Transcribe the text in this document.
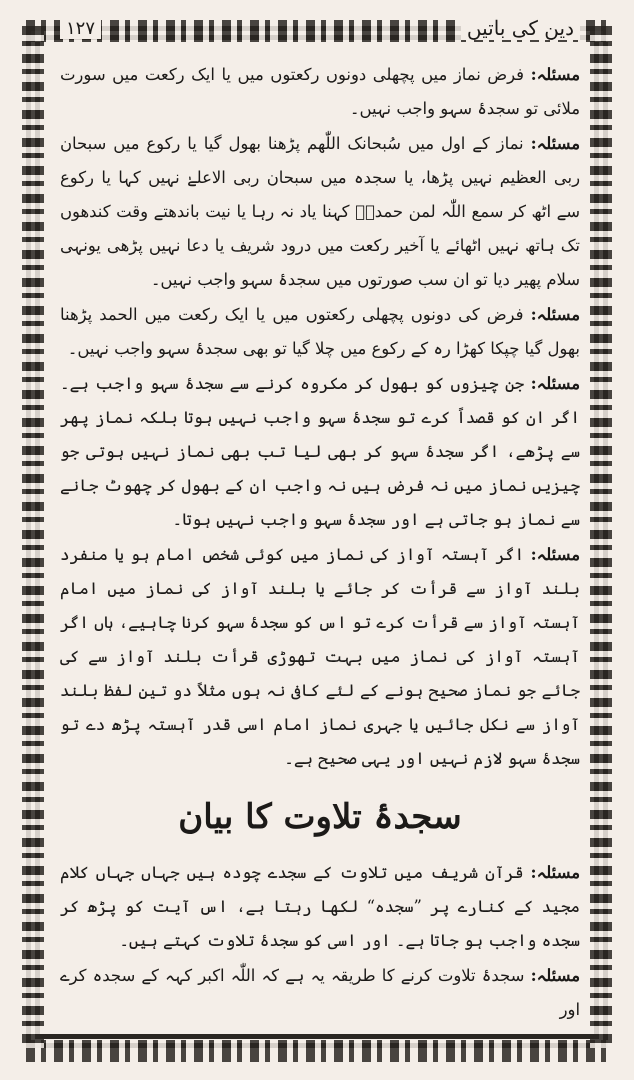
دین کی باتیں
۱۲۷

مسئلہ: فرض نماز میں پچھلی دونوں رکعتوں میں یا ایک رکعت میں سورت ملائی تو سجدۂ سہو واجب نہیں۔

مسئلہ: نماز کے اول میں سُبحانک اللّٰھم پڑھنا بھول گیا یا رکوع میں سبحان ربی العظیم نہیں پڑھا، یا سجدہ میں سبحان ربی الاعلےٰ نہیں کہا یا رکوع سے اٹھ کر سمع اللّٰہ لمن حمدہٗ کہنا یاد نہ رہا یا نیت باندھتے وقت کندھوں تک ہاتھ نہیں اٹھائے یا آخیر رکعت میں درود شریف یا دعا نہیں پڑھی یونہی سلام پھیر دیا تو ان سب صورتوں میں سجدۂ سہو واجب نہیں۔

مسئلہ: فرض کی دونوں پچھلی رکعتوں میں یا ایک رکعت میں الحمد پڑھنا بھول گیا چپکا کھڑا رہ کے رکوع میں چلا گیا تو بھی سجدۂ سہو واجب نہیں۔

مسئلہ: جن چیزوں کو بھول کر مکروہ کرنے سے سجدۂ سہو واجب ہے۔ اگر ان کو قصداً کرے تو سجدۂ سہو واجب نہیں ہوتا بلکہ نماز پھر سے پڑھے، اگر سجدۂ سہو کر بھی لیا تب بھی نماز نہیں ہوتی جو چیزیں نماز میں نہ فرض ہیں نہ واجب ان کے بھول کر چھوٹ جانے سے نماز ہو جاتی ہے اور سجدۂ سہو واجب نہیں ہوتا۔

مسئلہ: اگر آہستہ آواز کی نماز میں کوئی شخص امام ہو یا منفرد بلند آواز سے قرأت کر جائے یا بلند آواز کی نماز میں امام آہستہ آواز سے قرأت کرے تو اس کو سجدۂ سہو کرنا چاہیے، ہاں اگر آہستہ آواز کی نماز میں بہت تھوڑی قرأت بلند آواز سے کی جائے جو نماز صحیح ہونے کے لئے کافی نہ ہوں مثلاً دو تین لفظ بلند آواز سے نکل جائیں یا جہری نماز امام اسی قدر آہستہ پڑھ دے تو سجدۂ سہو لازم نہیں اور یہی صحیح ہے۔

سجدۂ تلاوت کا بیان

مسئلہ: قرآن شریف میں تلاوت کے سجدے چودہ ہیں جہاں جہاں کلام مجید کے کنارے پر ”سجدہ“ لکھا رہتا ہے، اس آیت کو پڑھ کر سجدہ واجب ہو جاتا ہے۔ اور اسی کو سجدۂ تلاوت کہتے ہیں۔

مسئلہ: سجدۂ تلاوت کرنے کا طریقہ یہ ہے کہ اللّٰہ اکبر کہہ کے سجدہ کرے اور
